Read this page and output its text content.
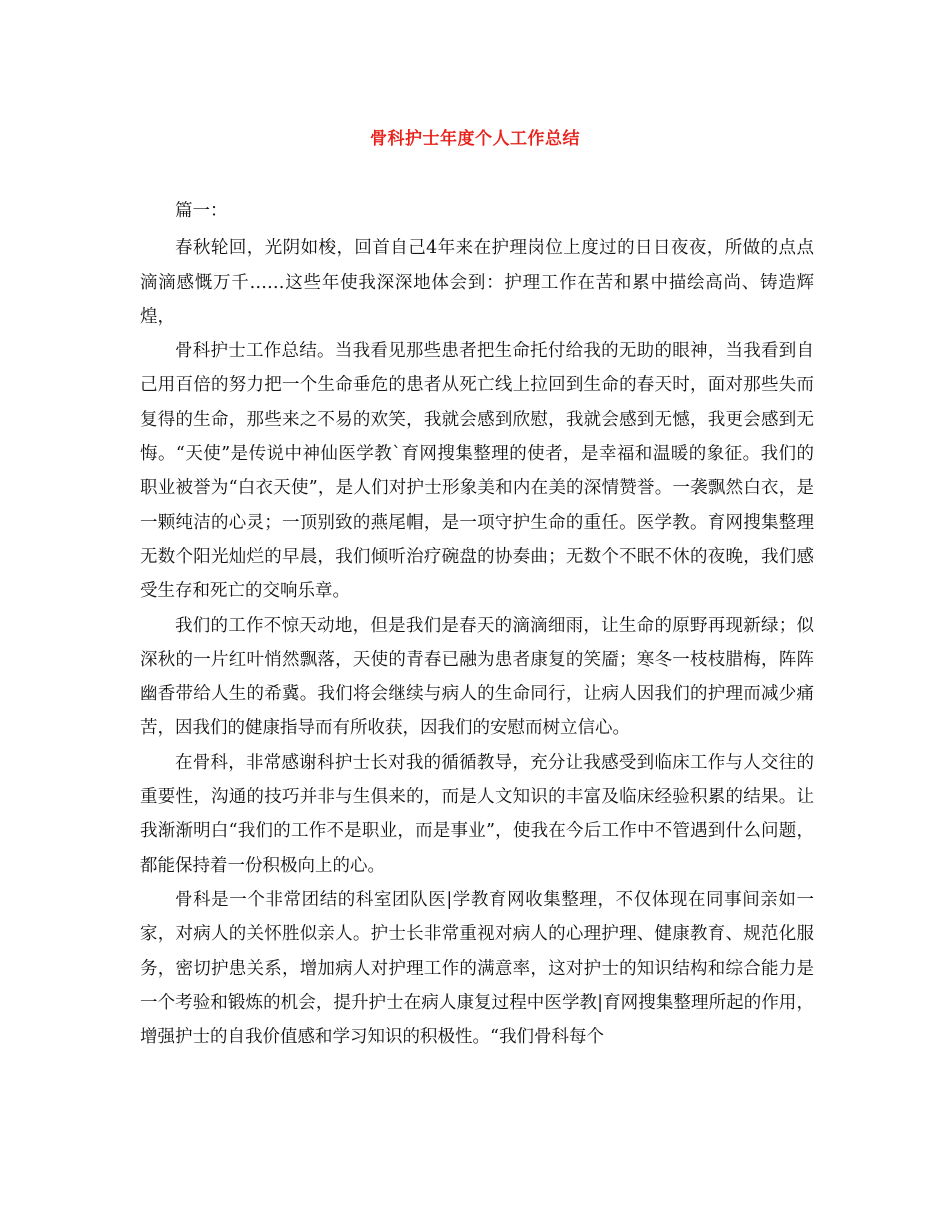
骨科护士年度个人工作总结

篇一：

春秋轮回，光阴如梭，回首自己4年来在护理岗位上度过的日日夜夜，所做的点点滴滴感慨万千……这些年使我深深地体会到：护理工作在苦和累中描绘高尚、铸造辉煌，

骨科护士工作总结。当我看见那些患者把生命托付给我的无助的眼神，当我看到自己用百倍的努力把一个生命垂危的患者从死亡线上拉回到生命的春天时，面对那些失而复得的生命，那些来之不易的欢笑，我就会感到欣慰，我就会感到无憾，我更会感到无悔。“天使”是传说中神仙医学教`育网搜集整理的使者，是幸福和温暖的象征。我们的职业被誉为“白衣天使”，是人们对护士形象美和内在美的深情赞誉。一袭飘然白衣，是一颗纯洁的心灵；一顶别致的燕尾帽，是一项守护生命的重任。医学教。育网搜集整理无数个阳光灿烂的早晨，我们倾听治疗碗盘的协奏曲；无数个不眠不休的夜晚，我们感受生存和死亡的交响乐章。

我们的工作不惊天动地，但是我们是春天的滴滴细雨，让生命的原野再现新绿；似深秋的一片红叶悄然飘落，天使的青春已融为患者康复的笑靥；寒冬一枝枝腊梅，阵阵幽香带给人生的希冀。我们将会继续与病人的生命同行，让病人因我们的护理而减少痛苦，因我们的健康指导而有所收获，因我们的安慰而树立信心。

在骨科，非常感谢科护士长对我的循循教导，充分让我感受到临床工作与人交往的重要性，沟通的技巧并非与生俱来的，而是人文知识的丰富及临床经验积累的结果。让我渐渐明白“我们的工作不是职业，而是事业”，使我在今后工作中不管遇到什么问题，都能保持着一份积极向上的心。

骨科是一个非常团结的科室团队医|学教育网收集整理，不仅体现在同事间亲如一家，对病人的关怀胜似亲人。护士长非常重视对病人的心理护理、健康教育、规范化服务，密切护患关系，增加病人对护理工作的满意率，这对护士的知识结构和综合能力是一个考验和锻炼的机会，提升护士在病人康复过程中医学教|育网搜集整理所起的作用，增强护士的自我价值感和学习知识的积极性。“我们骨科每个
